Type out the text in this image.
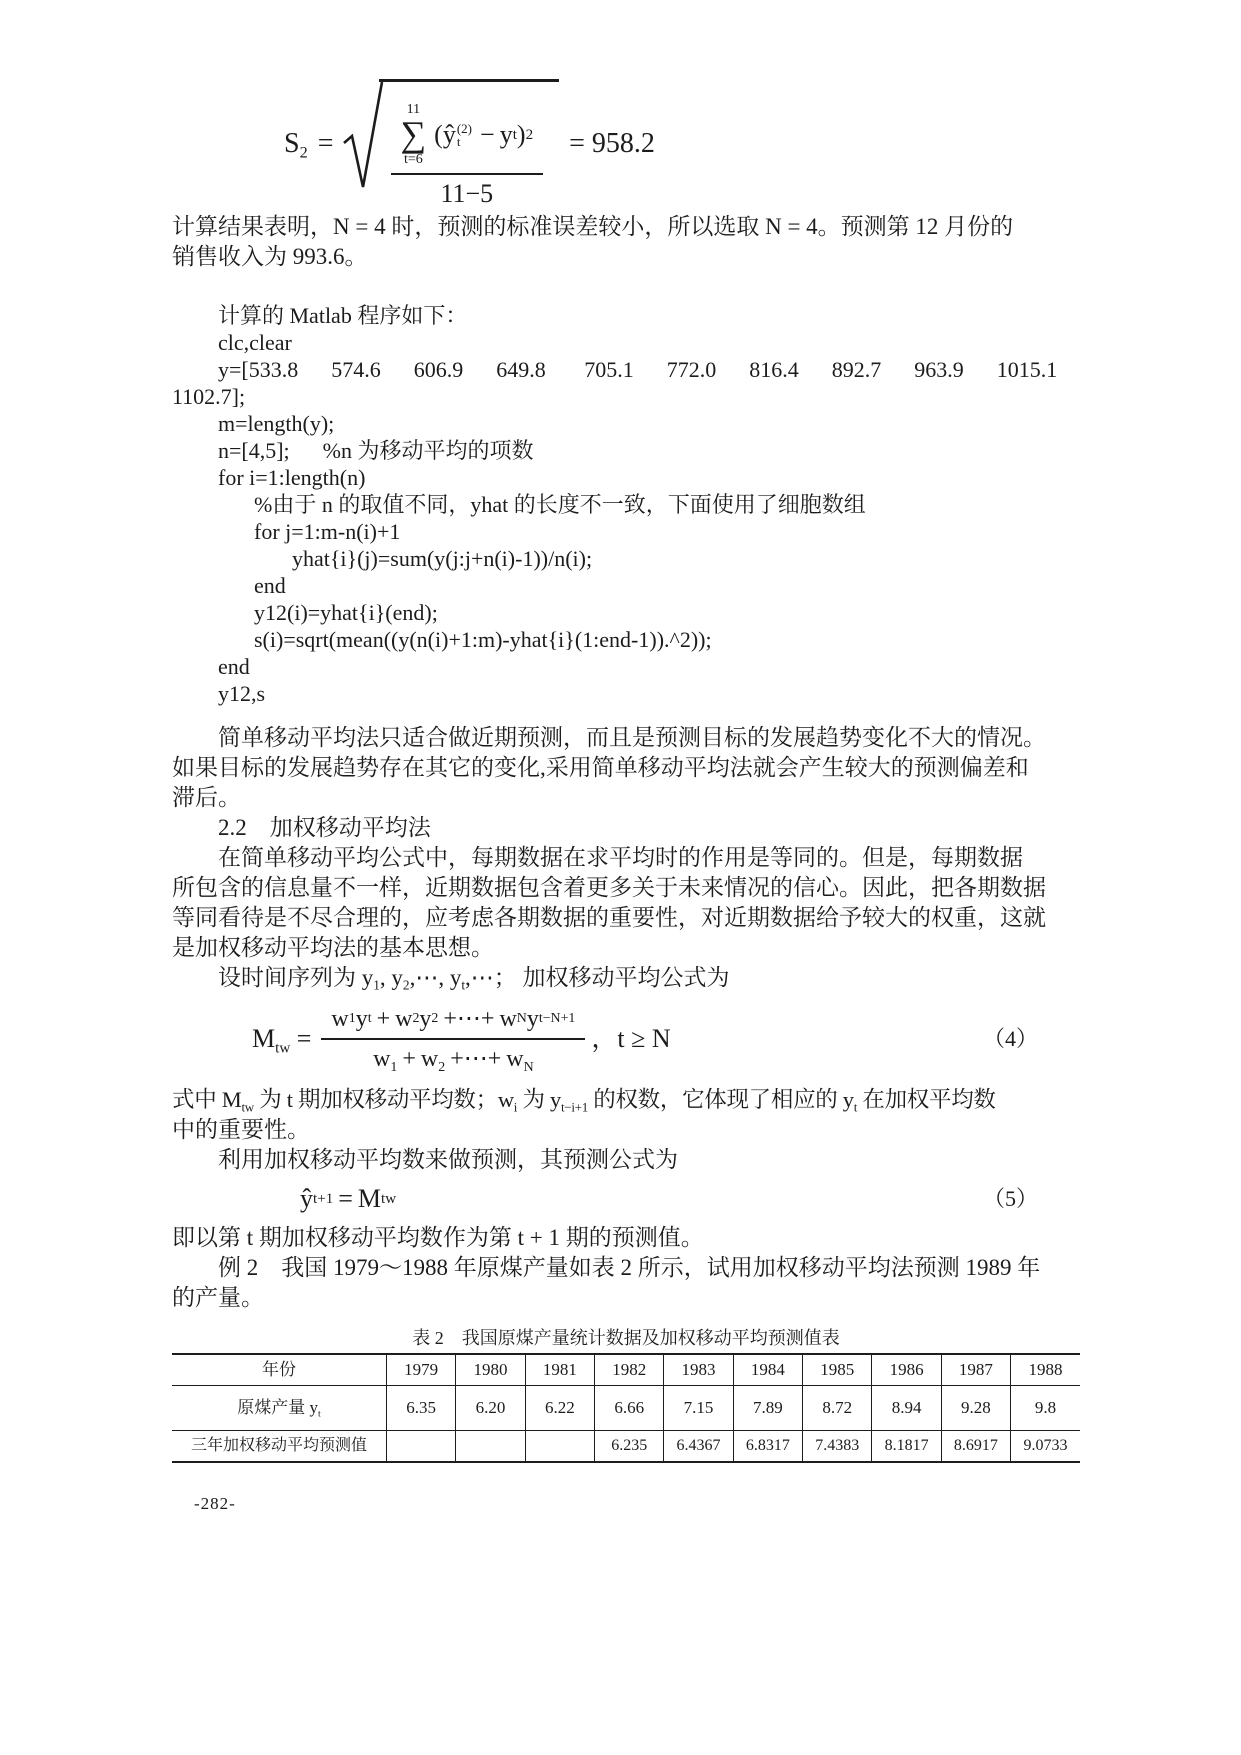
$S_2$ =
11
∑
t=6
( ŷ (2)
t − y t ) 2
11−5
= 958.2
计算结果表明，N = 4 时，预测的标准误差较小，所以选取 N = 4。预测第 12 月份的
销售收入为 993.6。
计算的 Matlab 程序如下：
clc,clear
y=[533.8      574.6      606.9      649.8       705.1      772.0      816.4      892.7      963.9      1015.1
1102.7];
m=length(y);
n=[4,5];      %n 为移动平均的项数
for i=1:length(n)
%由于 n 的取值不同，yhat 的长度不一致，下面使用了细胞数组
for j=1:m-n(i)+1
yhat{i}(j)=sum(y(j:j+n(i)-1))/n(i);
end
y12(i)=yhat{i}(end);
s(i)=sqrt(mean((y(n(i)+1:m)-yhat{i}(1:end-1)).^2));
end
y12,s
简单移动平均法只适合做近期预测，而且是预测目标的发展趋势变化不大的情况。
如果目标的发展趋势存在其它的变化,采用简单移动平均法就会产生较大的预测偏差和
滞后。
2.2　加权移动平均法
在简单移动平均公式中，每期数据在求平均时的作用是等同的。但是，每期数据
所包含的信息量不一样，近期数据包含着更多关于未来情况的信心。因此，把各期数据
等同看待是不尽合理的，应考虑各期数据的重要性，对近期数据给予较大的权重，这就
是加权移动平均法的基本思想。
设时间序列为 $y_1$, $y_2,\cdots$, $y_t,\cdots$； 加权移动平均公式为
$M_{tw} = \frac{\text{w 1 y t + w 2 y 2 +⋯+ w N y t−N+1}}{w_1 + w_2 +\cdots+ w_N}$ ，t ≥ N	（4）
式中 $M_{tw}$ 为 t 期加权移动平均数；$w_i$ 为 $y_{t-i+1}$ 的权数，它体现了相应的 $y_t$ 在加权平均数
中的重要性。
利用加权移动平均数来做预测，其预测公式为
ŷ t+1 = M tw	（5）
即以第 t 期加权移动平均数作为第 t + 1 期的预测值。
例 2　我国 1979～1988 年原煤产量如表 2 所示，试用加权移动平均法预测 1989 年
的产量。
表 2　我国原煤产量统计数据及加权移动平均预测值表
年份	1979	1980	1981	1982	1983	1984	1985	1986	1987	1988
原煤产量 $y_t$	6.35	6.20	6.22	6.66	7.15	7.89	8.72	8.94	9.28	9.8
三年加权移动平均预测值				6.235	6.4367	6.8317	7.4383	8.1817	8.6917	9.0733
-282-
